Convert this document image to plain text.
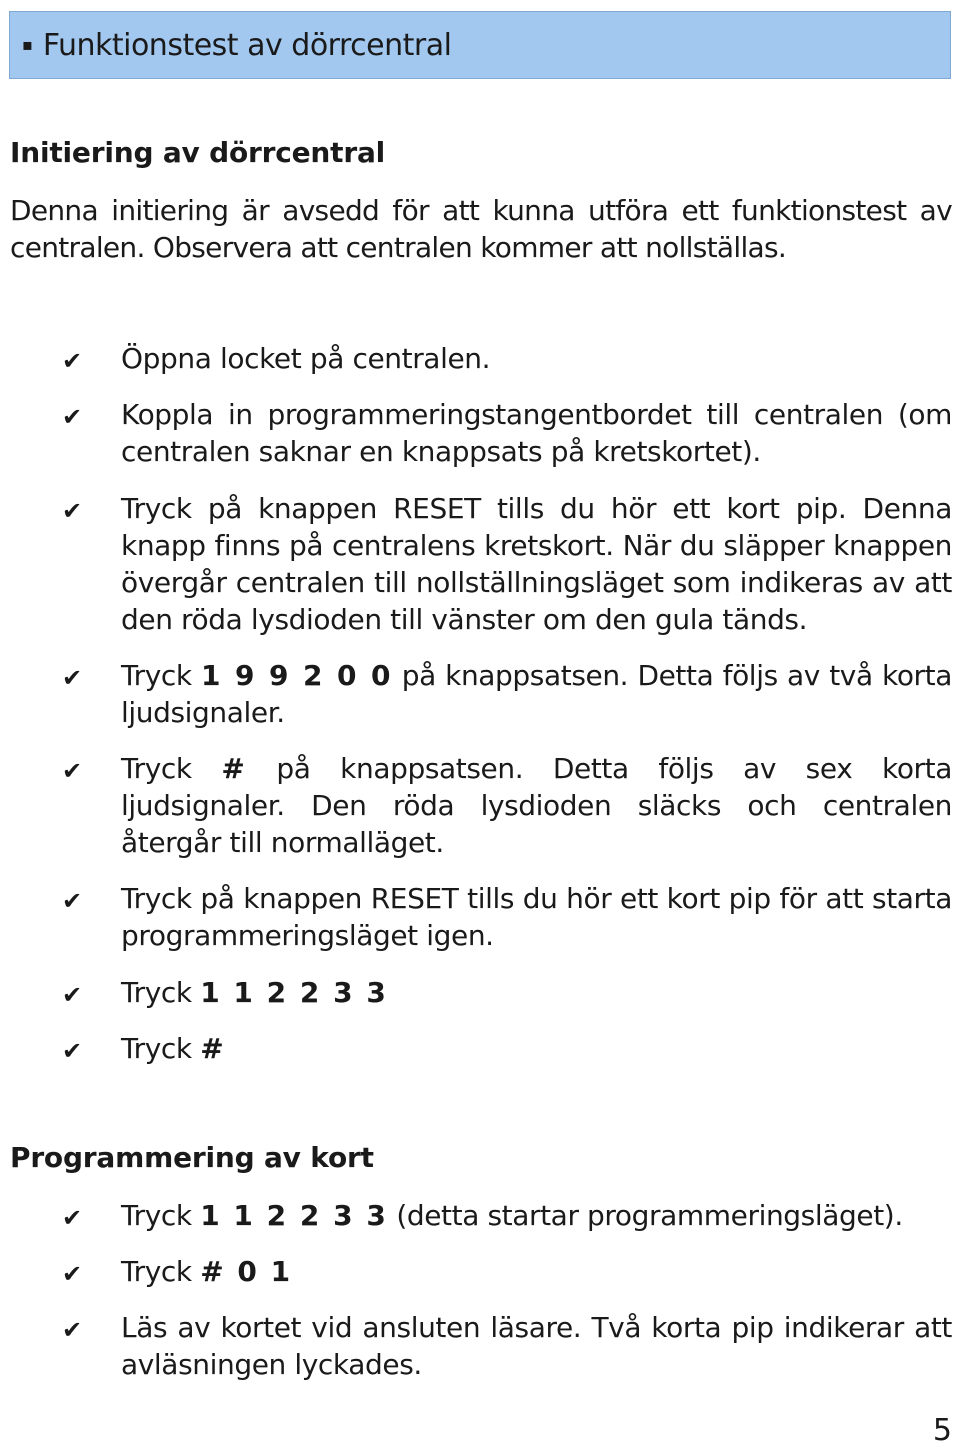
▪ Funktionstest av dörrcentral
Initiering av dörrcentral
Denna initiering är avsedd för att kunna utföra ett funktionstest av centralen. Observera att centralen kommer att nollställas.
✔ Öppna locket på centralen.
✔ Koppla in programmeringstangentbordet till centralen (om centralen saknar en knappsats på kretskortet).
✔ Tryck på knappen RESET tills du hör ett kort pip. Denna knapp finns på centralens kretskort. När du släpper knappen övergår centralen till nollställningsläget som indikeras av att den röda lysdioden till vänster om den gula tänds.
✔ Tryck 1 9 9 2 0 0 på knappsatsen. Detta följs av två korta ljudsignaler.
✔ Tryck # på knappsatsen. Detta följs av sex korta ljudsignaler. Den röda lysdioden släcks och centralen återgår till normalläget.
✔ Tryck på knappen RESET tills du hör ett kort pip för att starta programmeringsläget igen.
✔ Tryck 1 1 2 2 3 3
✔ Tryck #
Programmering av kort
✔ Tryck 1 1 2 2 3 3 (detta startar programmeringsläget).
✔ Tryck # 0 1
✔ Läs av kortet vid ansluten läsare. Två korta pip indikerar att avläsningen lyckades.
5
